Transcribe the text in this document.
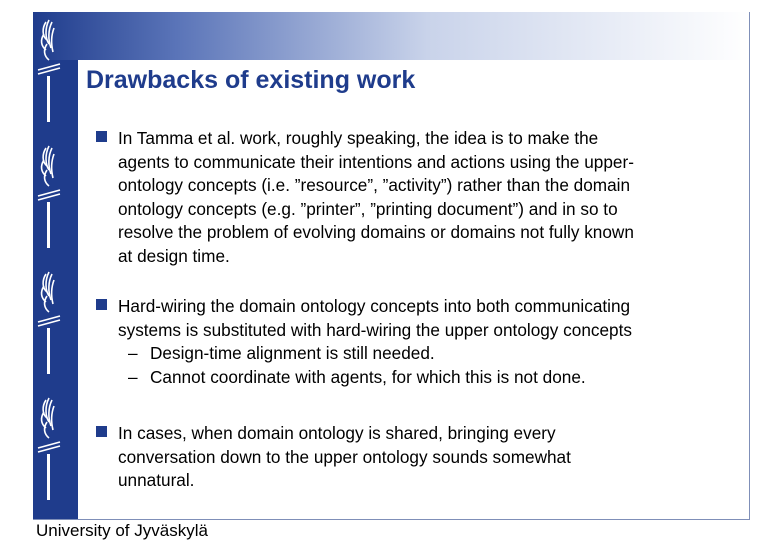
Drawbacks of existing work
In Tamma et al. work, roughly speaking, the idea is to make the
agents to communicate their intentions and actions using the upper-
ontology concepts (i.e. ”resource”, ”activity”) rather than the domain
ontology concepts (e.g. ”printer”, ”printing document”) and in so to
resolve the problem of evolving domains or domains not fully known
at design time.
Hard-wiring the domain ontology concepts into both communicating
systems is substituted with hard-wiring the upper ontology concepts
– Design-time alignment is still needed.
– Cannot coordinate with agents, for which this is not done.
In cases, when domain ontology is shared, bringing every
conversation down to the upper ontology sounds somewhat
unnatural.
University of Jyväskylä
